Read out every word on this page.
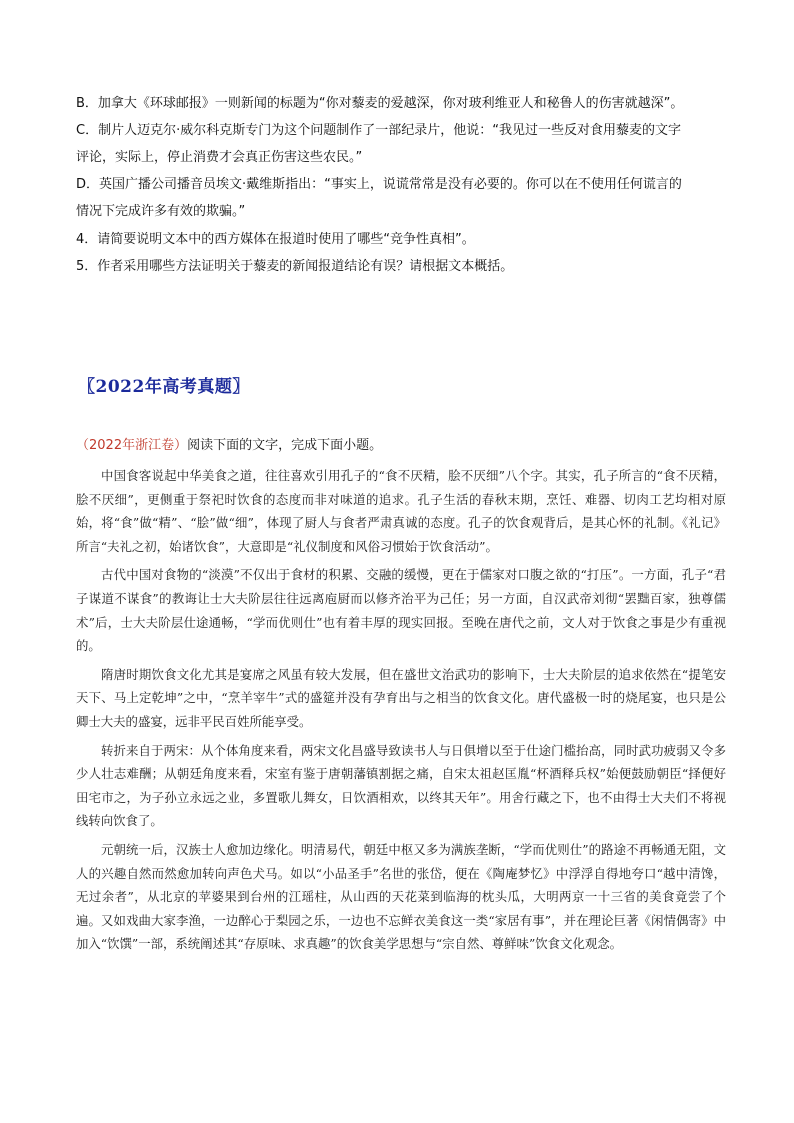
B．加拿大《环球邮报》一则新闻的标题为“你对藜麦的爱越深，你对玻利维亚人和秘鲁人的伤害就越深”。
C．制片人迈克尔·威尔科克斯专门为这个问题制作了一部纪录片，他说：“我见过一些反对食用藜麦的文字
评论，实际上，停止消费才会真正伤害这些农民。”
D．英国广播公司播音员埃文·戴维斯指出：“事实上，说谎常常是没有必要的。你可以在不使用任何谎言的
情况下完成许多有效的欺骗。”
4．请简要说明文本中的西方媒体在报道时使用了哪些“竞争性真相”。
5．作者采用哪些方法证明关于藜麦的新闻报道结论有误？请根据文本概括。
〖2022年高考真题〗
（2022年浙江卷）阅读下面的文字，完成下面小题。

中国食客说起中华美食之道，往往喜欢引用孔子的“食不厌精，脍不厌细”八个字。其实，孔子所言的“食不厌精，脍不厌细”，更侧重于祭祀时饮食的态度而非对味道的追求。孔子生活的春秋末期，烹饪、难器、切肉工艺均相对原始，将“食”做“精”、“脍”做“细”，体现了厨人与食者严肃真诚的态度。孔子的饮食观背后，是其心怀的礼制。《礼记》所言“夫礼之初，始诸饮食”，大意即是“礼仪制度和风俗习惯始于饮食活动”。

古代中国对食物的“淡漠”不仅出于食材的积累、交融的缓慢，更在于儒家对口腹之欲的“打压”。一方面，孔子“君子谋道不谋食”的教诲让士大夫阶层往往远离庖厨而以修齐治平为己任；另一方面，自汉武帝刘彻“罢黜百家，独尊儒术”后，士大夫阶层仕途通畅，“学而优则仕”也有着丰厚的现实回报。至晚在唐代之前，文人对于饮食之事是少有重视的。

隋唐时期饮食文化尤其是宴席之风虽有较大发展，但在盛世文治武功的影响下，士大夫阶层的追求依然在“提笔安天下、马上定乾坤”之中，“烹羊宰牛”式的盛筵并没有孕育出与之相当的饮食文化。唐代盛极一时的烧尾宴，也只是公卿士大夫的盛宴，远非平民百姓所能享受。

转折来自于两宋：从个体角度来看，两宋文化昌盛导致读书人与日俱增以至于仕途门槛抬高，同时武功疲弱又令多少人壮志难酬；从朝廷角度来看，宋室有鉴于唐朝藩镇割据之痛，自宋太祖赵匡胤“杯酒释兵权”始便鼓励朝臣“择便好田宅市之，为子孙立永远之业，多置歌儿舞女，日饮酒相欢，以终其天年”。用舍行藏之下，也不由得士大夫们不将视线转向饮食了。

元朝统一后，汉族士人愈加边缘化。明清易代，朝廷中枢又多为满族垄断，“学而优则仕”的路途不再畅通无阻，文人的兴趣自然而然愈加转向声色犬马。如以“小品圣手”名世的张岱，便在《陶庵梦忆》中浮浮自得地夸口“越中清馋，无过余者”，从北京的苹婆果到台州的江瑶柱，从山西的天花菜到临海的枕头瓜，大明两京一十三省的美食竟尝了个遍。又如戏曲大家李渔，一边醉心于梨园之乐，一边也不忘鲜衣美食这一类“家居有事”，并在理论巨著《闲情偶寄》中加入“饮馔”一部，系统阐述其“存原味、求真趣”的饮食美学思想与“宗自然、尊鲜味”饮食文化观念。
